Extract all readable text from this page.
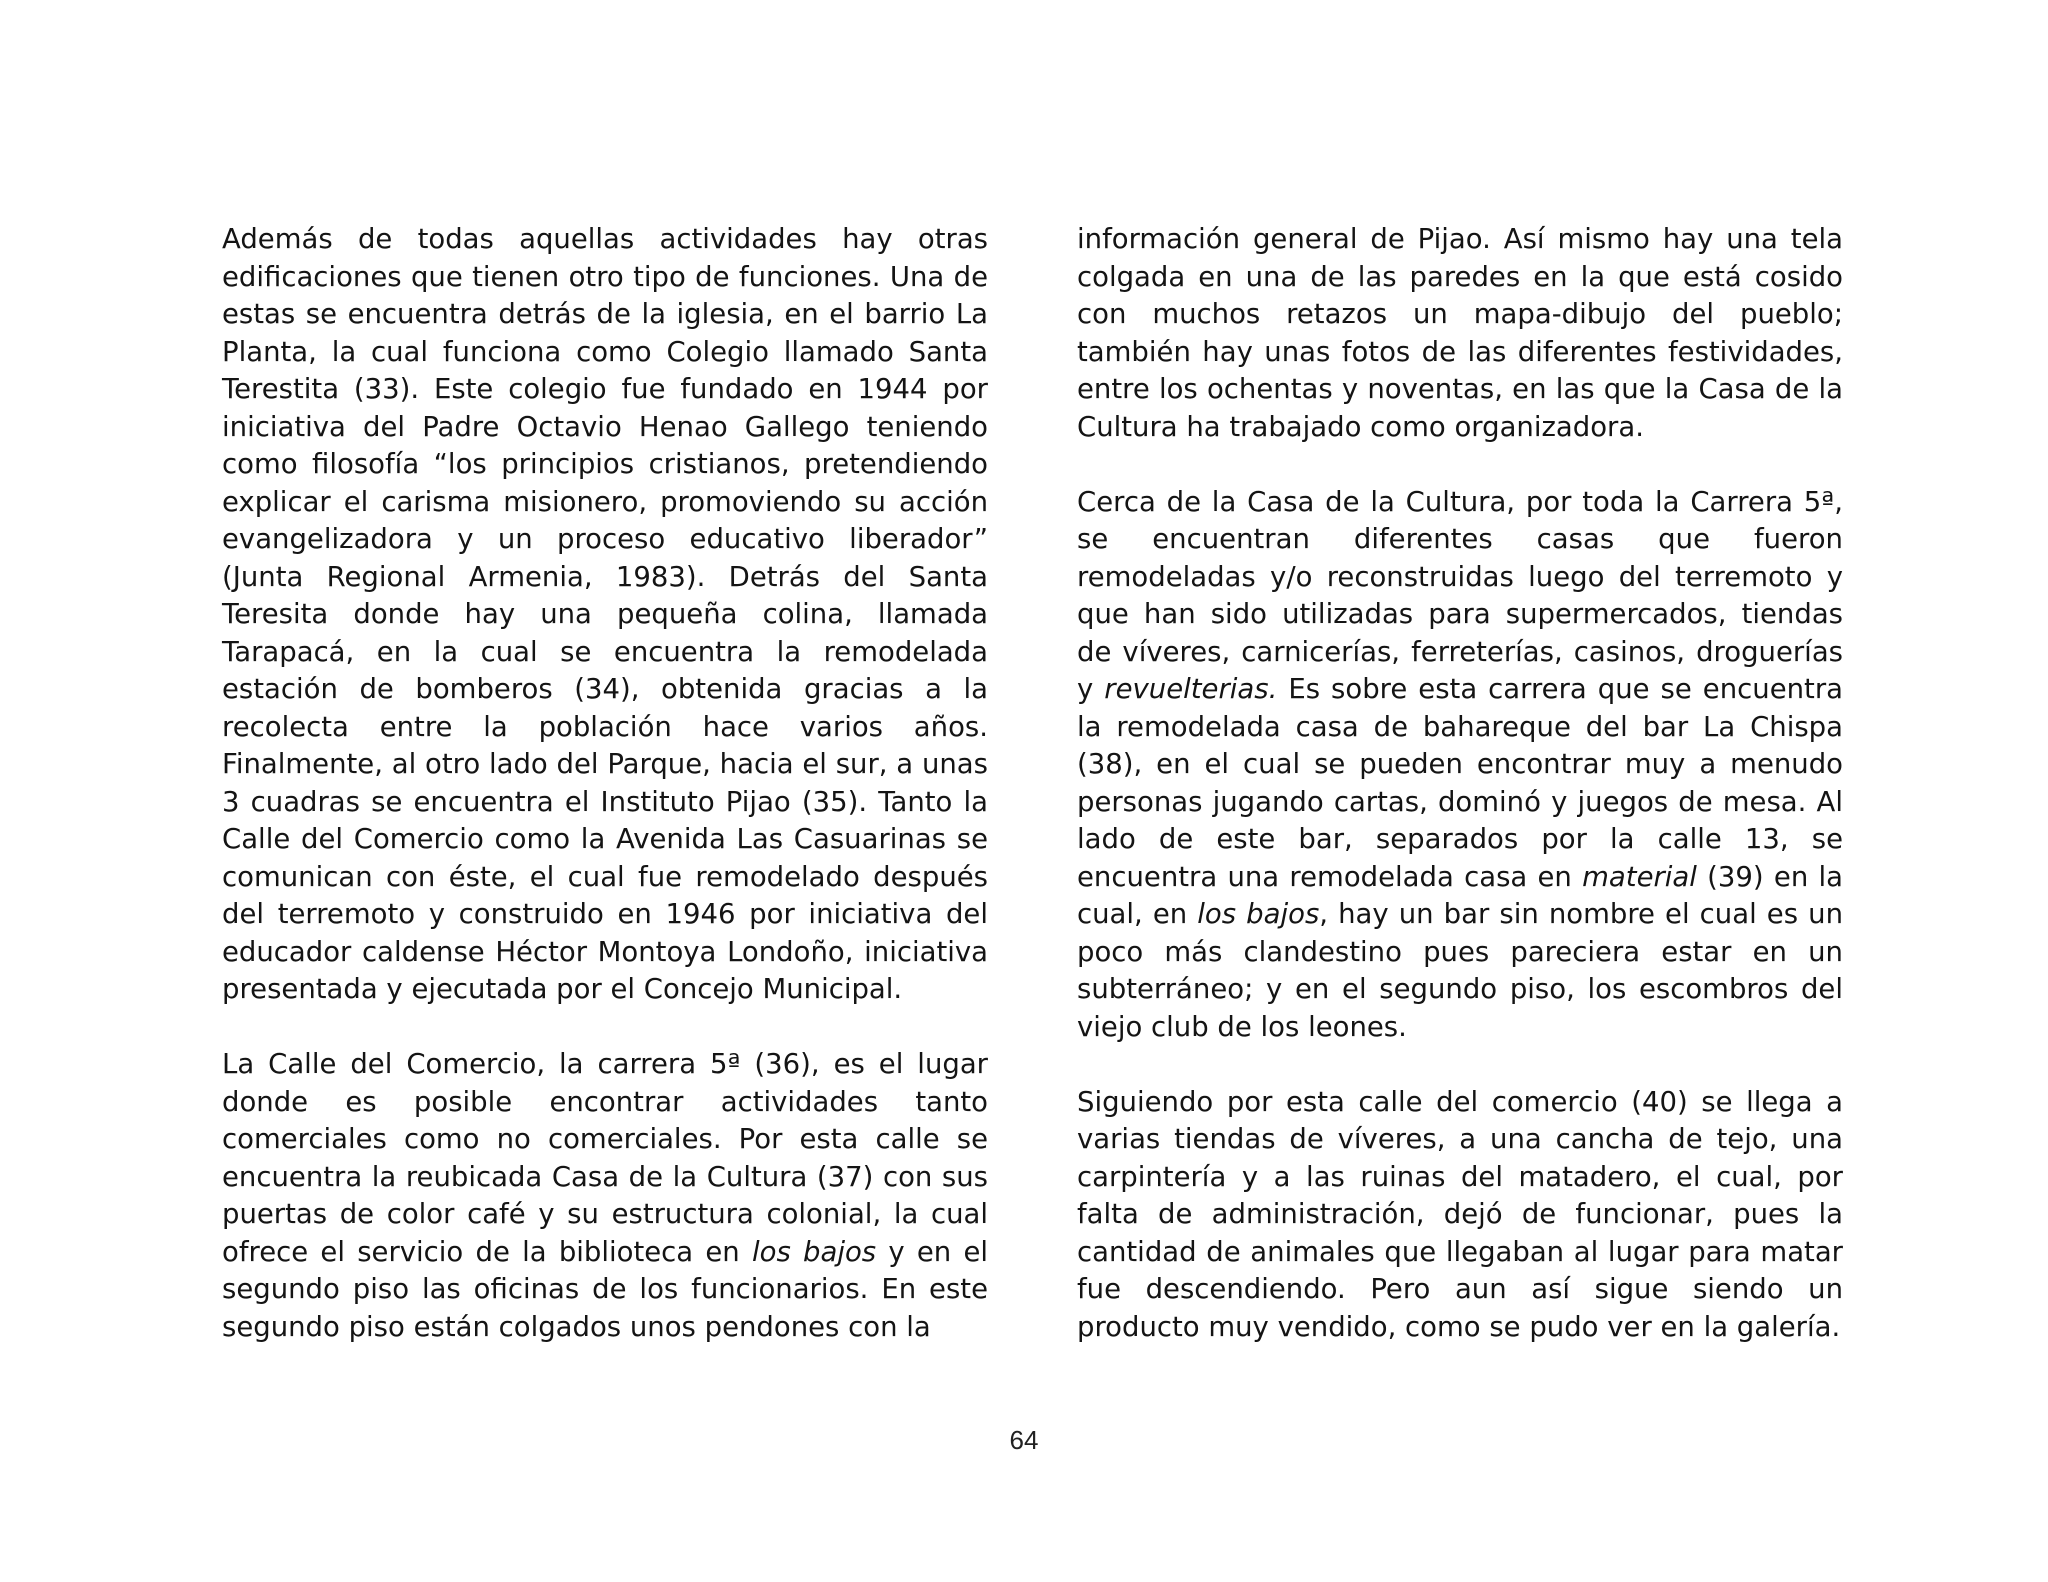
Además de todas aquellas actividades hay otras edificaciones que tienen otro tipo de funciones. Una de estas se encuentra detrás de la iglesia, en el barrio La Planta, la cual funciona como Colegio llamado Santa Terestita (33). Este colegio fue fundado en 1944 por iniciativa del Padre Octavio Henao Gallego teniendo como filosofía “los principios cristianos, pretendiendo explicar el carisma misionero, promoviendo su acción evangelizadora y un proceso educativo liberador” (Junta Regional Armenia, 1983). Detrás del Santa Teresita donde hay una pequeña colina, llamada Tarapacá, en la cual se encuentra la remodelada estación de bomberos (34), obtenida gracias a la recolecta entre la población hace varios años. Finalmente, al otro lado del Parque, hacia el sur, a unas 3 cuadras se encuentra el Instituto Pijao (35). Tanto la Calle del Comercio como la Avenida Las Casuarinas se comunican con éste, el cual fue remodelado después del terremoto y construido en 1946 por iniciativa del educador caldense Héctor Montoya Londoño, iniciativa presentada y ejecutada por el Concejo Municipal.

La Calle del Comercio, la carrera 5ª (36), es el lugar donde es posible encontrar actividades tanto comerciales como no comerciales. Por esta calle se encuentra la reubicada Casa de la Cultura (37) con sus puertas de color café y su estructura colonial, la cual ofrece el servicio de la biblioteca en los bajos y en el segundo piso las oficinas de los funcionarios. En este segundo piso están colgados unos pendones con la

información general de Pijao. Así mismo hay una tela colgada en una de las paredes en la que está cosido con muchos retazos un mapa-dibujo del pueblo; también hay unas fotos de las diferentes festividades, entre los ochentas y noventas, en las que la Casa de la Cultura ha trabajado como organizadora.

Cerca de la Casa de la Cultura, por toda la Carrera 5ª, se encuentran diferentes casas que fueron remodeladas y/o reconstruidas luego del terremoto y que han sido utilizadas para supermercados, tiendas de víveres, carnicerías, ferreterías, casinos, droguerías y revuelterias. Es sobre esta carrera que se encuentra la remodelada casa de bahareque del bar La Chispa (38), en el cual se pueden encontrar muy a menudo personas jugando cartas, dominó y juegos de mesa. Al lado de este bar, separados por la calle 13, se encuentra una remodelada casa en material (39) en la cual, en los bajos, hay un bar sin nombre el cual es un poco más clandestino pues pareciera estar en un subterráneo; y en el segundo piso, los escombros del viejo club de los leones.

Siguiendo por esta calle del comercio (40) se llega a varias tiendas de víveres, a una cancha de tejo, una carpintería y a las ruinas del matadero, el cual, por falta de administración, dejó de funcionar, pues la cantidad de animales que llegaban al lugar para matar fue descendiendo. Pero aun así sigue siendo un producto muy vendido, como se pudo ver en la galería.

64
